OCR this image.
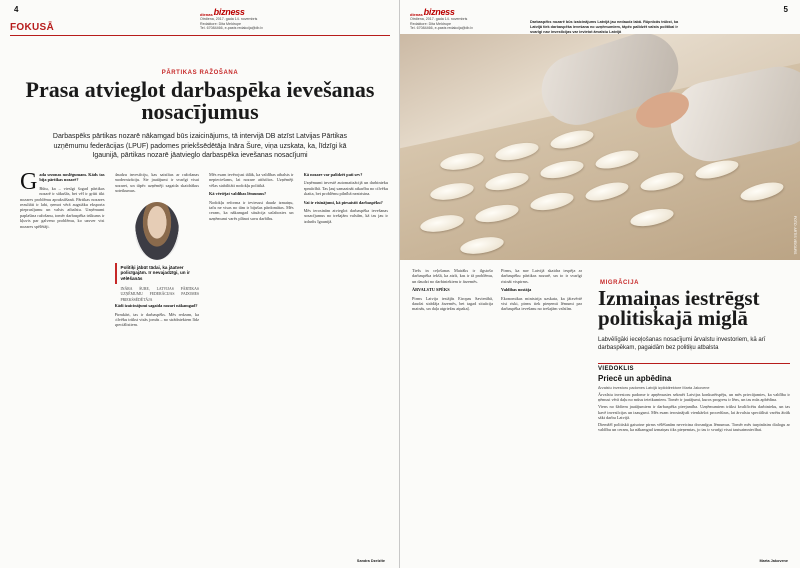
4
dienas bizness
Otrdiena, 2017. gada 14. novembris
Redaktore: Dita Meldrupe
Tel. 67084466, e-pasts redakcija@db.lv
FOKUSĀ
PĀRTIKAS RAŽOŠANA
Prasa atvieglot darbaspēka ievešanas nosacījumus
Darbaspēks pārtikas nozarē nākamgad būs izaicinājums, tā intervijā DB atzīst Latvijas Pārtikas uzņēmumu federācijas (LPUF) padomes priekšsēdētāja Ināra Šure, viņa uzskata, ka, līdzīgi kā Igaunijā, pārtikas nozarē jāatvieglo darbaspēka ievešanas nosacījumi
G ada sezonas noslēgumam. Kāds tas bija pārtikas nozarē?

Būtu, ka – viesīgi šogad pārtikas nozarē ir sākušās, bet vēl ir grūti tikt nozares problēmu aprakstīšanā. Pārtikas nozares rezultāti ir labi, ņemot vērā augstāku eksporta pieprasījumu un valsts atbalstu. Uzņēmumi paplašina ražošanu, tomēr darbaspēka trūkums ir kļuvis par galveno problēmu, ko uzsver visi nozares spēlētāji.

daudzu investīciju, kas saistītas ar ražošanas modernizāciju. Šie jautājumi ir svarīgi visai nozarei, un tāpēc uzņēmēji sagaida skaidrākus noteikumus.

Politiķi jābūt tādai, ka jāatver policīgajām. Ir nevajadzīgi, un ir vēlēšanās
INĀRA ŠURE, LATVIJAS PĀRTIKAS UZŅĒMUMU FEDERĀCIJAS PADOMES PRIEKŠSĒDĒTĀJA

Kādi izaicinājumi sagaida nozari nākamgad?

Pirmkārt, tas ir darbaspēks. Mēs redzam, ka cilvēku trūkst visās jomās – no strādniekiem līdz speciālistiem.

Mēs esam ievērojusi tālāk, ka valdības atbalsts ir nepieciešams, lai nozare attīstītos. Uzņēmēji vēlas stabilitāti nodokļu politikā.

Kā vērtējat valdības lēmumus?

Nodokļu reforma ir ieviesusi daudz izmaiņu, taču ne visas no tām ir bijušas pārdomātas. Mēs ceram, ka nākamgad situācija uzlabosies un uzņēmumi varēs plānot savu darbību.

Kā nozare var palīdzēt pati sev?

Uzņēmumi investē automatizācijā un darbinieku apmācībā. Tas ļauj samazināt atkarību no cilvēku skaita, bet problēmu pilnībā neatrisina.

Vai ir risinājumi, kā piesaistīt darbaspēku?

Mēs ierosinām atvieglot darbaspēka ievešanas nosacījumus no trešajām valstīm, kā tas jau ir izdarīts Igaunijā.

Sandra Dzelzīte
5
dienas bizness
Otrdiena, 2017. gada 14. novembris
Redaktore: Dita Meldrupe
Tel. 67084466, e-pasts redakcija@db.lv
Darbaspēks nozarē būs izaicinājums Latvijā jau nedaudz labā. Rūpnīcās trūkst, ka Latvijā tiek darbaspēka ievešana no uzņēmumiem, tāpēc palīdzēt valsts politikai ir svarīgi nav investīcijas var ievietot ārvalstu Latvijā
FOTO: ARTIS VEIGURS

Tiešs in ceļošanas Mairāks ir ilgstošo darbaspēka iekšā, ka atzīt, kas ir tā problēmu, un daudzi no darbiniekiem ir ārzemēs.

ĀRVALSTU SPĒKS

Pirms Latvija iestājās Eiropas Savienībā, daudzi strādāja ārzemēs, bet tagad situācija mainās, un daļa atgriežas atpakaļ.

Pirms, ka nav Latvijā skaidra iespēja ar darbaspēku pārtikas nozarē, un to ir svarīgi risināt vispirms.

Valdības nostāja

Ekonomikas ministrija uzskata, ka jāizvērtē visi riski, pirms tiek pieņemti lēmumi par darbaspēka ievešanu no trešajām valstīm.

MIGRĀCIJA
Izmaiņas iestrēgst politiskajā miglā
Labvēlīgāki ieceļošanas nosacījumi ārvalstu investoriem, kā arī darbaspēkam, pagaidām bez politiķu atbalsta
VIEDOKLIS
Priecē un apbēdina
Ārvalstu investoru padomes Latvijā izpilddirektore Marta Jakovene

Ārvalstu investoru padome ir apņēmusies sekmēt Latvijas konkurētspēju, un mēs priecājamies, ka valdība ir ņēmusi vērā daļu no mūsu ieteikumiem. Tomēr ir jautājumi, kuros progress ir lēns, un tas mūs apbēdina.

Viens no šādiem jautājumiem ir darbaspēka pieejamība. Uzņēmumiem trūkst kvalificētu darbinieku, un tas kavē investīcijas un izaugsmi. Mēs esam ierosinājuši vienkāršot procedūras, lai ārvalstu speciālisti varētu ātrāk sākt darbu Latvijā.

Diemžēl politiskā gaisotne pirms vēlēšanām neveicina drosmīgus lēmumus. Tomēr mēs turpināsim dialogu ar valdību un ceram, ka nākamgad izmaiņas tiks pieņemtas, jo tas ir svarīgi visai tautsaimniecībai.

Marta Jakovene
